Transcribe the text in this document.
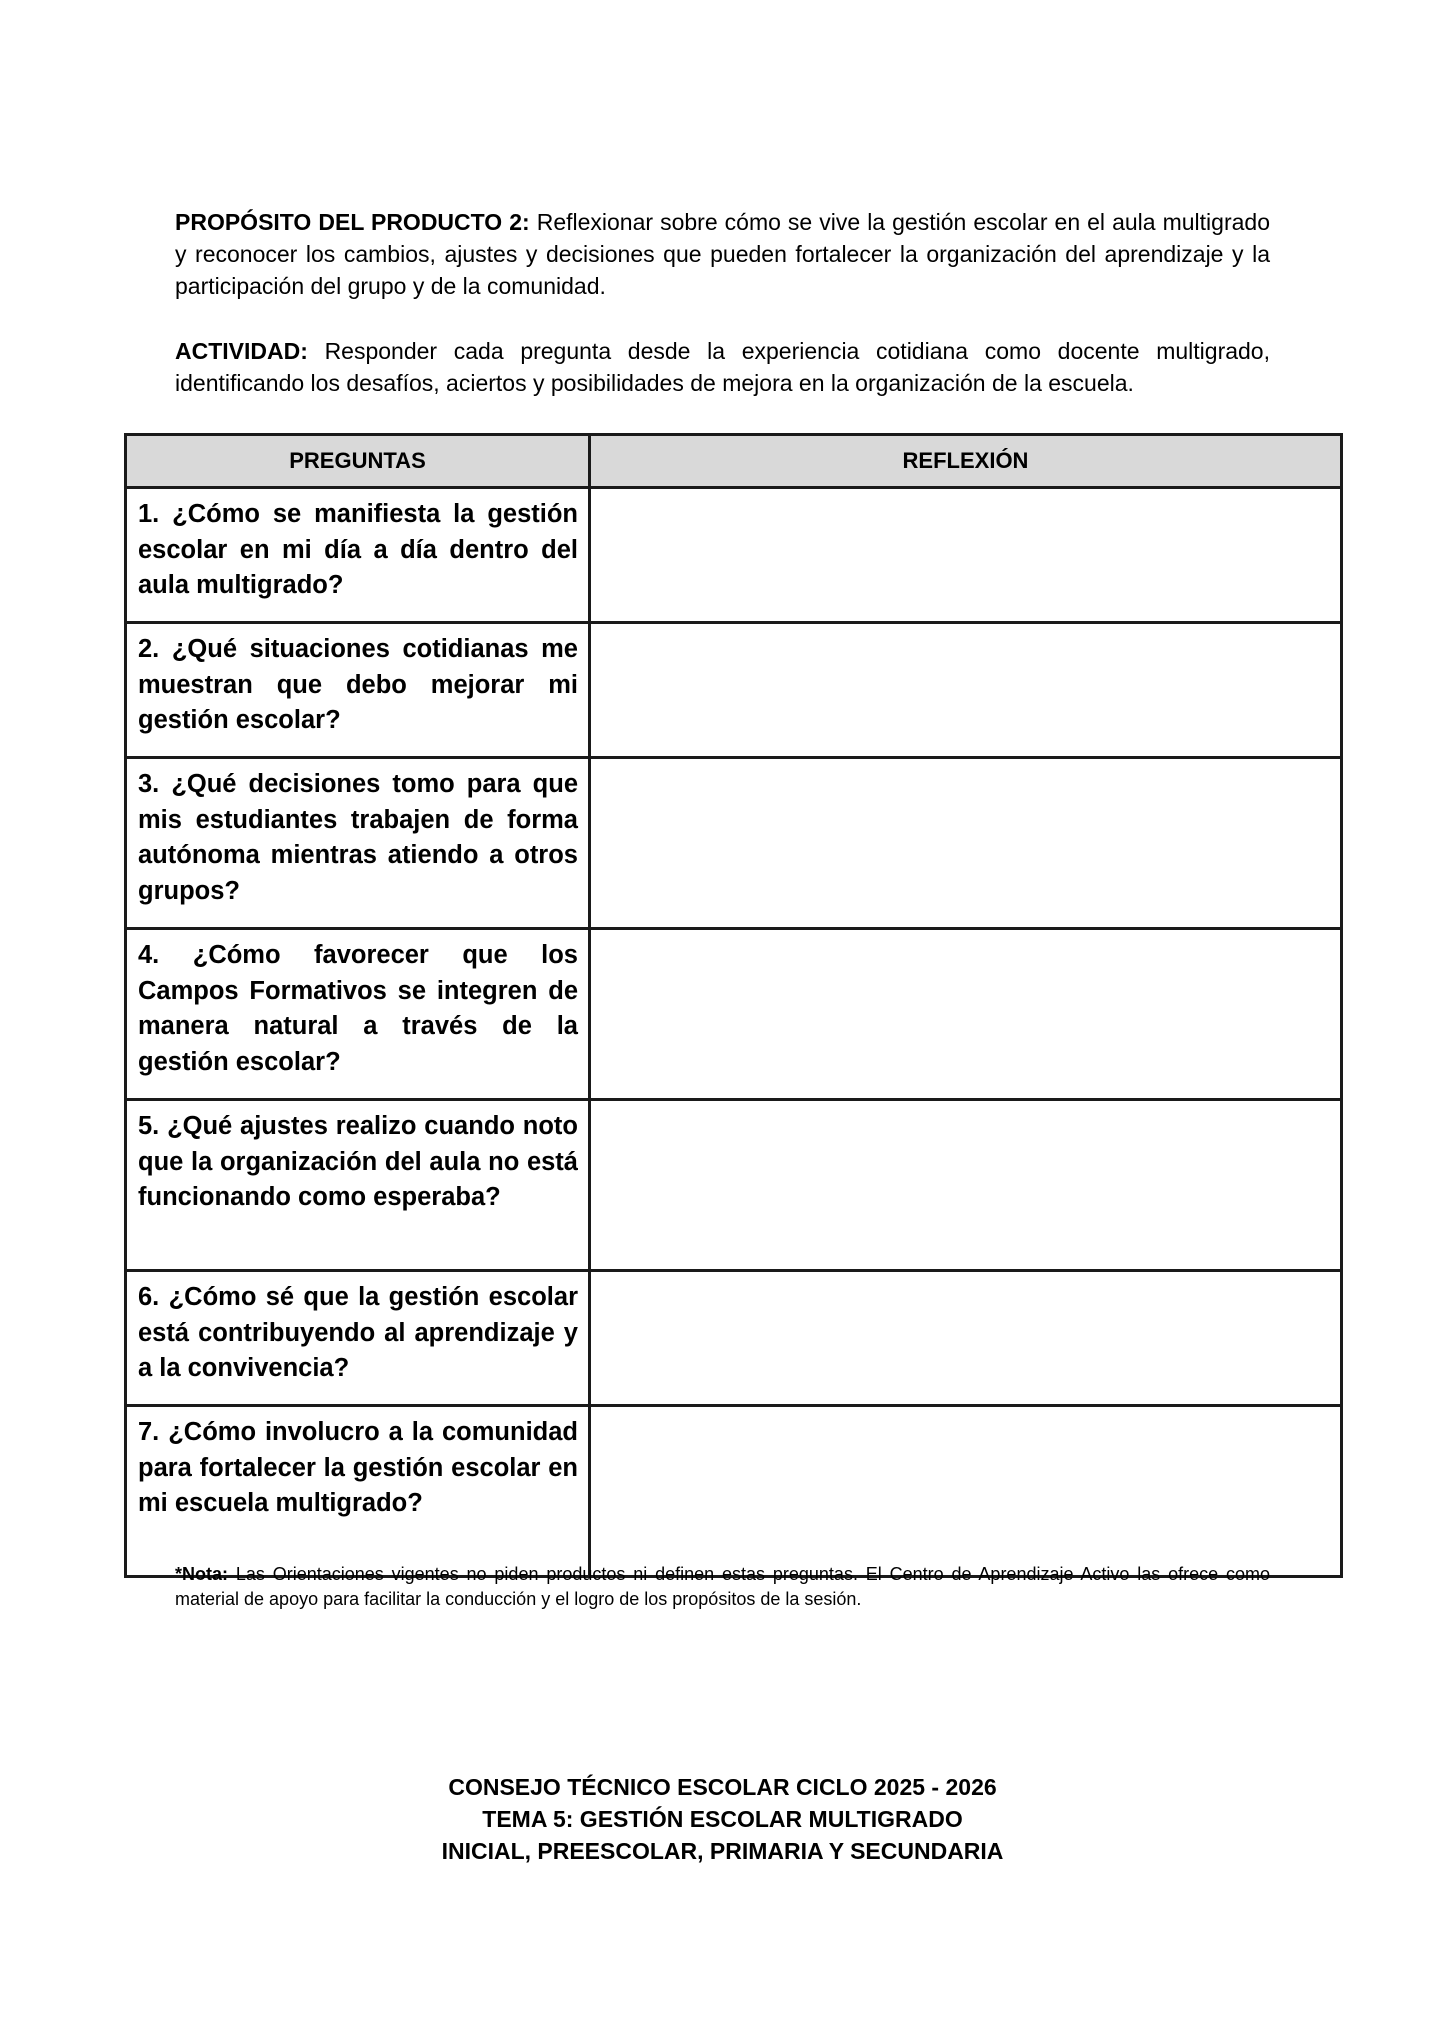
PROPÓSITO DEL PRODUCTO 2: Reflexionar sobre cómo se vive la gestión escolar en el aula multigrado y reconocer los cambios, ajustes y decisiones que pueden fortalecer la organización del aprendizaje y la participación del grupo y de la comunidad.

ACTIVIDAD: Responder cada pregunta desde la experiencia cotidiana como docente multigrado, identificando los desafíos, aciertos y posibilidades de mejora en la organización de la escuela.

PREGUNTAS	REFLEXIÓN
1. ¿Cómo se manifiesta la gestión escolar en mi día a día dentro del aula multigrado?	
2. ¿Qué situaciones cotidianas me muestran que debo mejorar mi gestión escolar?	
3. ¿Qué decisiones tomo para que mis estudiantes trabajen de forma autónoma mientras atiendo a otros grupos?	
4. ¿Cómo favorecer que los Campos Formativos se integren de manera natural a través de la gestión escolar?	
5. ¿Qué ajustes realizo cuando noto que la organización del aula no está funcionando como esperaba?	
6. ¿Cómo sé que la gestión escolar está contribuyendo al aprendizaje y a la convivencia?	
7. ¿Cómo involucro a la comunidad para fortalecer la gestión escolar en mi escuela multigrado?	

*Nota: Las Orientaciones vigentes no piden productos ni definen estas preguntas. El Centro de Aprendizaje Activo las ofrece como material de apoyo para facilitar la conducción y el logro de los propósitos de la sesión.

CONSEJO TÉCNICO ESCOLAR CICLO 2025 - 2026
TEMA 5: GESTIÓN ESCOLAR MULTIGRADO
INICIAL, PREESCOLAR, PRIMARIA Y SECUNDARIA
